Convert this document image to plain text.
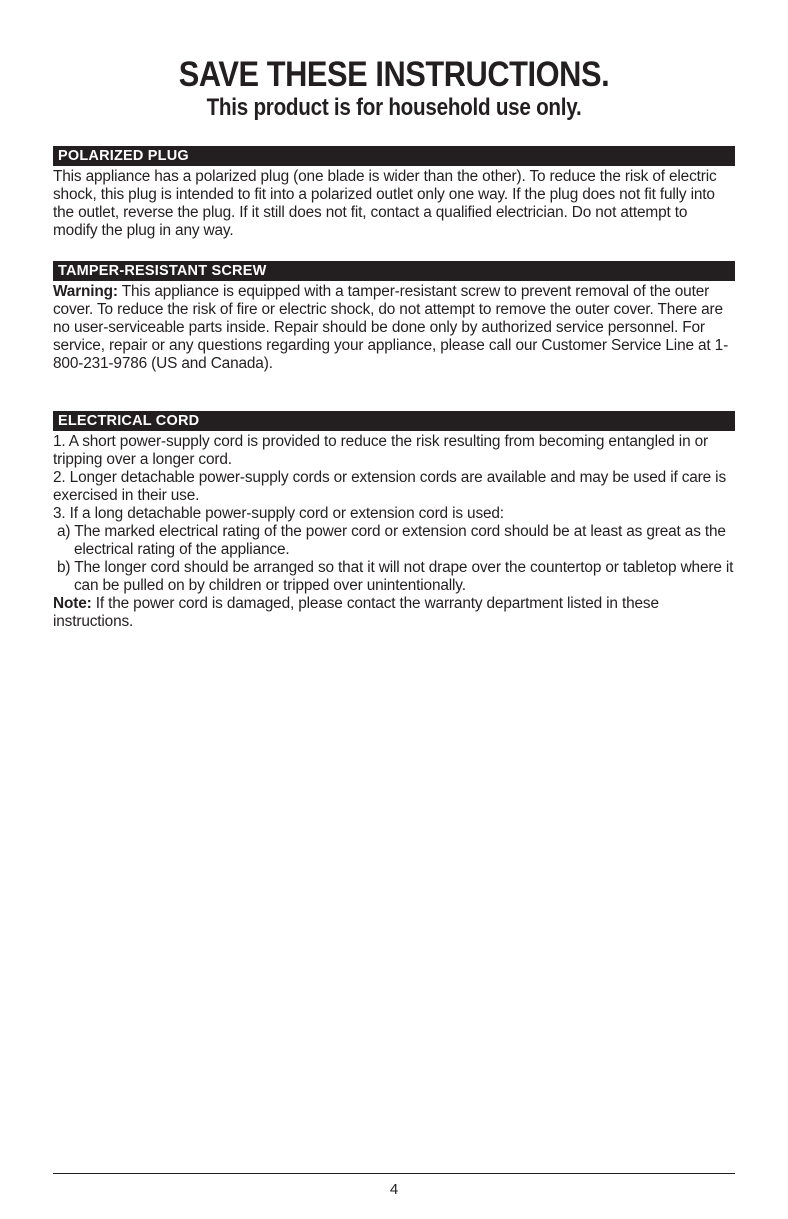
SAVE THESE INSTRUCTIONS.
This product is for household use only.
POLARIZED PLUG

This appliance has a polarized plug (one blade is wider than the other). To reduce the risk of electric shock, this plug is intended to fit into a polarized outlet only one way. If the plug does not fit fully into the outlet, reverse the plug. If it still does not fit, contact a qualified electrician. Do not attempt to modify the plug in any way.

TAMPER-RESISTANT SCREW

Warning: This appliance is equipped with a tamper-resistant screw to prevent removal of the outer cover. To reduce the risk of fire or electric shock, do not attempt to remove the outer cover. There are no user-serviceable parts inside. Repair should be done only by authorized service personnel. For service, repair or any questions regarding your appliance, please call our Customer Service Line at 1-800-231-9786 (US and Canada).

ELECTRICAL CORD

1. A short power-supply cord is provided to reduce the risk resulting from becoming entangled in or tripping over a longer cord.

2. Longer detachable power-supply cords or extension cords are available and may be used if care is exercised in their use.

3. If a long detachable power-supply cord or extension cord is used:

a) The marked electrical rating of the power cord or extension cord should be at least as great as the electrical rating of the appliance.

b) The longer cord should be arranged so that it will not drape over the countertop or tabletop where it can be pulled on by children or tripped over unintentionally.

Note: If the power cord is damaged, please contact the warranty department listed in these instructions.

4
